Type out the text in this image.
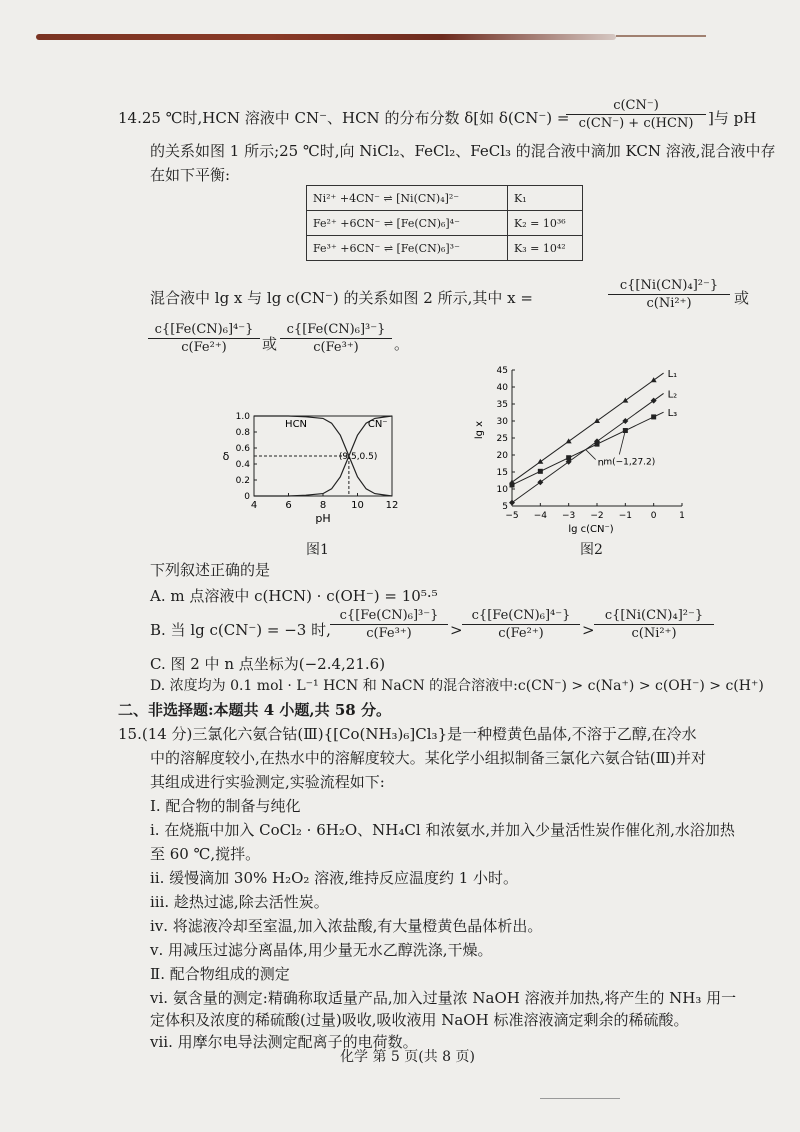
14.25 ℃时,HCN 溶液中 CN⁻、HCN 的分布分数 δ[如 δ(CN⁻) =
c(CN⁻)
c(CN⁻) + c(HCN) ]与 pH
的关系如图 1 所示;25 ℃时,向 NiCl₂、FeCl₂、FeCl₃ 的混合液中滴加 KCN 溶液,混合液中存
在如下平衡:
Ni²⁺ +4CN⁻ ⇌ [Ni(CN)₄]²⁻	K₁
Fe²⁺ +6CN⁻ ⇌ [Fe(CN)₆]⁴⁻	K₂ = 10³⁶
Fe³⁺ +6CN⁻ ⇌ [Fe(CN)₆]³⁻	K₃ = 10⁴²
混合液中 lg x 与 lg c(CN⁻) 的关系如图 2 所示,其中 x =	$\frac{\text{c\{[Ni(CN)₄]²⁻\}}}{\text{c(Ni²⁺)}}$ 或
$\frac{\text{c\{[Fe(CN)₆]⁴⁻\}}}{\text{c(Fe²⁺)}}$ 或 $\frac{\text{c\{[Fe(CN)₆]³⁻\}}}{\text{c(Fe³⁺)}}$ 。
4	6	8 10 12
0
0.2
0.4
0.6
0.8
1.0
pH
δ
HCN	CN⁻
(9.5,0.5)
图1
−5 −4 −3 −2 −1 0	1
5
10
15
20
25
30
35
40
45
lg c(CN⁻)
lg x
L₁
L₂
L₃
m(−1,27.2)
n
图2
下列叙述正确的是
A. m 点溶液中 c(HCN) · c(OH⁻) = 10⁵·⁵
B. 当 lg c(CN⁻) = −3 时, $\frac{\text{c\{[Fe(CN)₆]³⁻\}}}{\text{c(Fe³⁺)}} > \frac{\text{c\{[Fe(CN)₆]⁴⁻\}}}{\text{c(Fe²⁺)}} > \frac{\text{c\{[Ni(CN)₄]²⁻\}}}{\text{c(Ni²⁺)}}$
C. 图 2 中 n 点坐标为(−2.4,21.6)
D. 浓度均为 0.1 mol · L⁻¹ HCN 和 NaCN 的混合溶液中:c(CN⁻) > c(Na⁺) > c(OH⁻) > c(H⁺)
二、非选择题:本题共 4 小题,共 58 分。
15.(14 分)三氯化六氨合钴(Ⅲ){[Co(NH₃)₆]Cl₃}是一种橙黄色晶体,不溶于乙醇,在冷水
中的溶解度较小,在热水中的溶解度较大。某化学小组拟制备三氯化六氨合钴(Ⅲ)并对
其组成进行实验测定,实验流程如下:
Ⅰ. 配合物的制备与纯化
ⅰ. 在烧瓶中加入 CoCl₂ · 6H₂O、NH₄Cl 和浓氨水,并加入少量活性炭作催化剂,水浴加热
至 60 ℃,搅拌。
ⅱ. 缓慢滴加 30% H₂O₂ 溶液,维持反应温度约 1 小时。
ⅲ. 趁热过滤,除去活性炭。
ⅳ. 将滤液冷却至室温,加入浓盐酸,有大量橙黄色晶体析出。
ⅴ. 用减压过滤分离晶体,用少量无水乙醇洗涤,干燥。
Ⅱ. 配合物组成的测定
ⅵ. 氨含量的测定:精确称取适量产品,加入过量浓 NaOH 溶液并加热,将产生的 NH₃ 用一
定体积及浓度的稀硫酸(过量)吸收,吸收液用 NaOH 标准溶液滴定剩余的稀硫酸。
ⅶ. 用摩尔电导法测定配离子的电荷数。
化学 第 5 页(共 8 页)
